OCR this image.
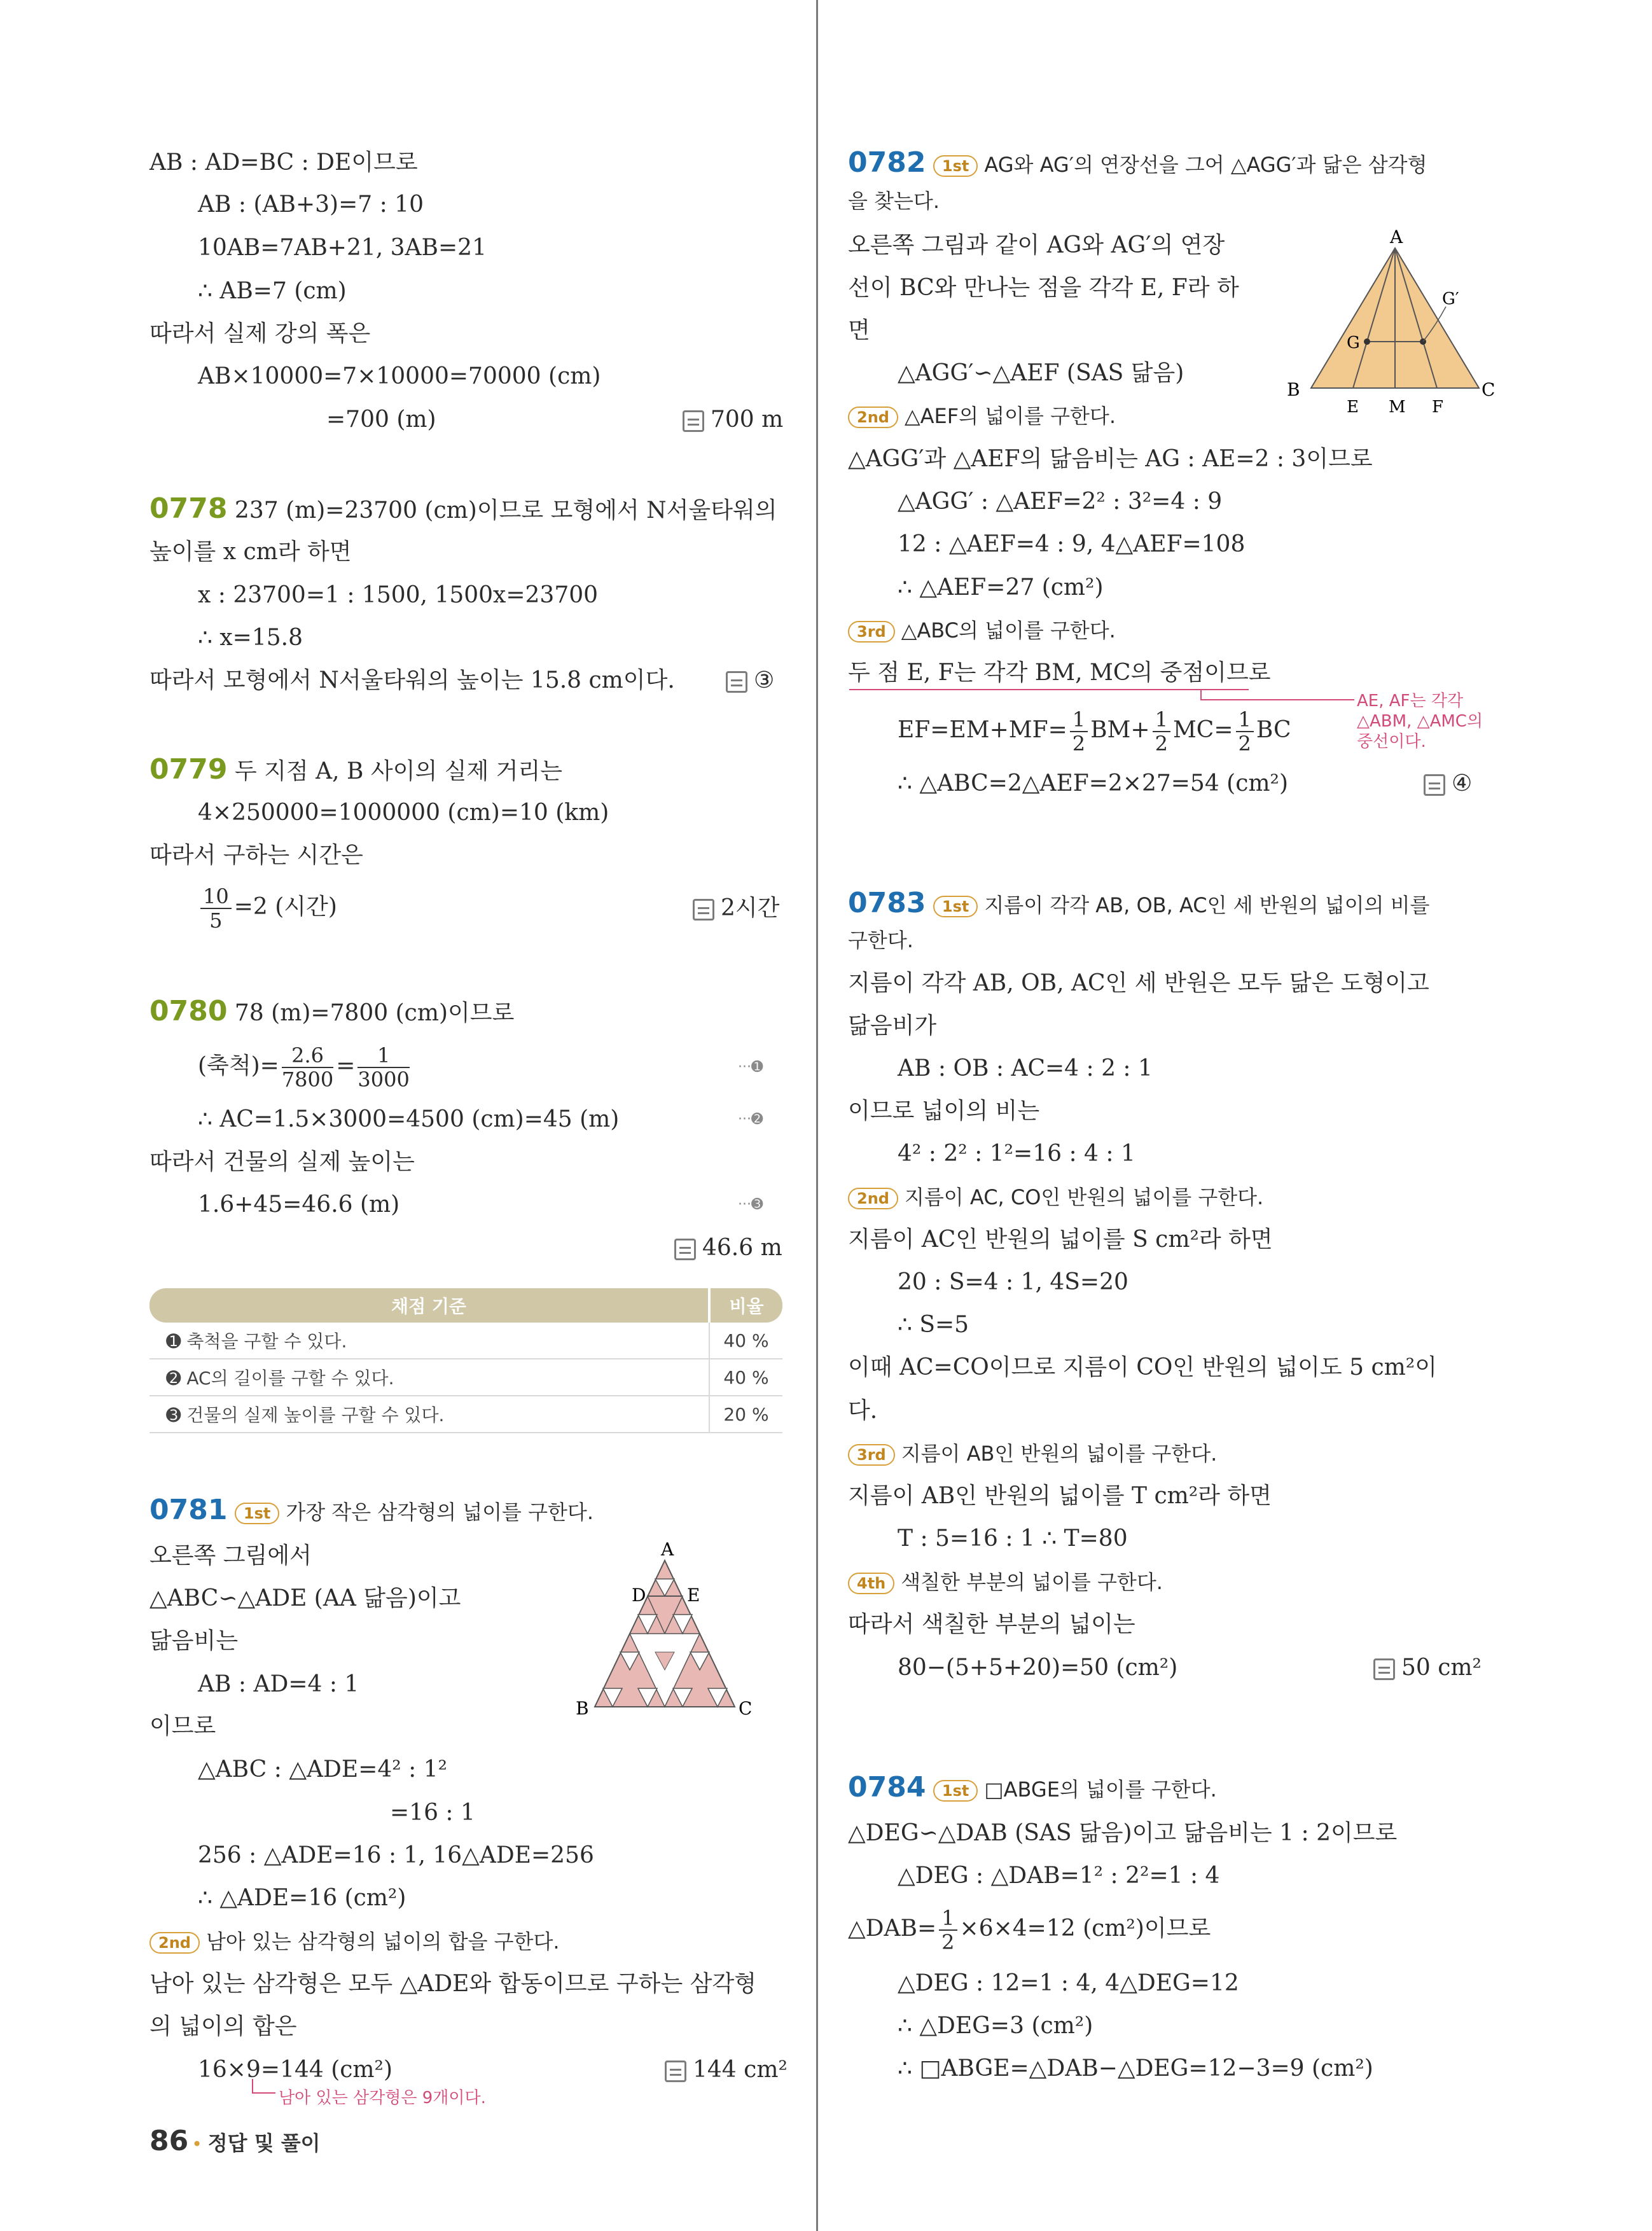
AB : AD=BC : DE이므로
AB : (AB+3)=7 : 10
10AB=7AB+21, 3AB=21
∴ AB=7 (cm)
따라서 실제 강의 폭은
AB×10000=7×10000=70000 (cm)
=700 (m)	700 m
0778 237 (m)=23700 (cm)이므로 모형에서 N서울타워의
높이를 x cm라 하면
x : 23700=1 : 1500, 1500x=23700
∴ x=15.8
따라서 모형에서 N서울타워의 높이는 15.8 cm이다.	③
0779 두 지점 A, B 사이의 실제 거리는
4×250000=1000000 (cm)=10 (km)
따라서 구하는 시간은
$\frac{10}{5} =2$ (시간)	2시간
0780 78 (m)=7800 (cm)이므로
(축척)= $\frac{2.6}{7800} = \frac{1}{3000}$	···➊
∴ AC=1.5×3000=4500 (cm)=45 (m)	···➋
따라서 건물의 실제 높이는
1.6+45=46.6 (m)	···➌
46.6 m
채점 기준	비율
➊ 축척을 구할 수 있다.	40 %
➋ AC의 길이를 구할 수 있다.	40 %
➌ 건물의 실제 높이를 구할 수 있다.	20 %
0781 1st 가장 작은 삼각형의 넓이를 구한다.
오른쪽 그림에서
△ABC∽△ADE (AA 닮음)이고
닮음비는
AB : AD=4 : 1
이므로
△ABC : △ADE=4² : 1²
=16 : 1
256 : △ADE=16 : 1, 16△ADE=256
∴ △ADE=16 (cm²)
2nd 남아 있는 삼각형의 넓이의 합을 구한다.
남아 있는 삼각형은 모두 △ADE와 합동이므로 구하는 삼각형
의 넓이의 합은
16×9=144 (cm²)	144 cm²
남아 있는 삼각형은 9개이다.
A
D E
B	C
0782 1st AG와 AG′의 연장선을 그어 △AGG′과 닮은 삼각형
을 찾는다.
오른쪽 그림과 같이 AG와 AG′의 연장
선이 BC와 만나는 점을 각각 E, F라 하
면
△AGG′∽△AEF (SAS 닮음)
2nd △AEF의 넓이를 구한다.
△AGG′과 △AEF의 닮음비는 AG : AE=2 : 3이므로
△AGG′ : △AEF=2² : 3²=4 : 9
12 : △AEF=4 : 9, 4△AEF=108
∴ △AEF=27 (cm²)
3rd △ABC의 넓이를 구한다.
두 점 E, F는 각각 BM, MC의 중점이므로
$EF=EM+MF= \frac{1}{2} BM+ \frac{1}{2} MC= \frac{1}{2}$ BC
AE, AF는 각각
△ABM, △AMC의
중선이다.
∴ △ABC=2△AEF=2×27=54 (cm²)	④
A
B	C
E M F
G
G′
0783 1st 지름이 각각 AB, OB, AC인 세 반원의 넓이의 비를
구한다.
지름이 각각 AB, OB, AC인 세 반원은 모두 닮은 도형이고
닮음비가
AB : OB : AC=4 : 2 : 1
이므로 넓이의 비는
4² : 2² : 1²=16 : 4 : 1
2nd 지름이 AC, CO인 반원의 넓이를 구한다.
지름이 AC인 반원의 넓이를 S cm²라 하면
20 : S=4 : 1, 4S=20
∴ S=5
이때 AC=CO이므로 지름이 CO인 반원의 넓이도 5 cm²이
다.
3rd 지름이 AB인 반원의 넓이를 구한다.
지름이 AB인 반원의 넓이를 T cm²라 하면
T : 5=16 : 1 ∴ T=80
4th 색칠한 부분의 넓이를 구한다.
따라서 색칠한 부분의 넓이는
80−(5+5+20)=50 (cm²)	50 cm²
0784 1st □ABGE의 넓이를 구한다.
△DEG∽△DAB (SAS 닮음)이고 닮음비는 1 : 2이므로
△DEG : △DAB=1² : 2²=1 : 4
△DAB= $\frac{1}{2} \times 6\times 4=12$ (cm²)이므로
△DEG : 12=1 : 4, 4△DEG=12
∴ △DEG=3 (cm²)
∴ □ABGE=△DAB−△DEG=12−3=9 (cm²)
86 • 정답 및 풀이
